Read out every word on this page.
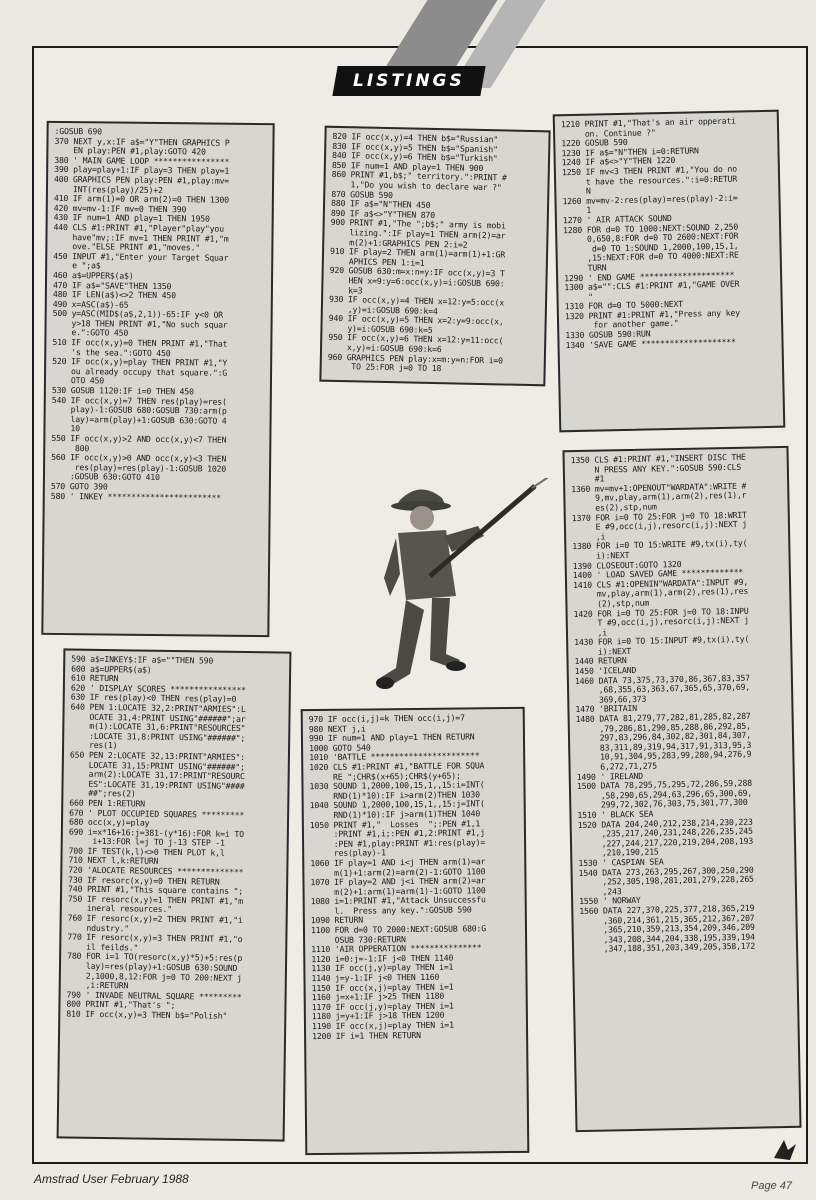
LISTINGS
:GOSUB 690
370 NEXT y,x:IF a$="Y"THEN GRAPHICS P
EN play:PEN #1,play:GOTO 420
380 ' MAIN GAME LOOP ****************
390 play=play+1:IF play=3 THEN play=1
400 GRAPHICS PEN play:PEN #1,play:mv=
INT(res(play)/25)+2
410 IF arm(1)=0 OR arm(2)=0 THEN 1300
420 mv=mv-1:IF mv=0 THEN 390
430 IF num=1 AND play=1 THEN 1950
440 CLS #1:PRINT #1,"Player"play"you
have"mv;:IF mv=1 THEN PRINT #1,"m
ove."ELSE PRINT #1,"moves."
450 INPUT #1,"Enter your Target Squar
e ";a$
460 a$=UPPER$(a$)
470 IF a$="SAVE"THEN 1350
480 IF LEN(a$)<>2 THEN 450
490 x=ASC(a$)-65
500 y=ASC(MID$(a$,2,1))-65:IF y<0 OR
y>18 THEN PRINT #1,"No such squar
e.":GOTO 450
510 IF occ(x,y)=0 THEN PRINT #1,"That
's the sea.":GOTO 450
520 IF occ(x,y)=play THEN PRINT #1,"Y
ou already occupy that square.":G
OTO 450
530 GOSUB 1120:IF i=0 THEN 450
540 IF occ(x,y)=7 THEN res(play)=res(
play)-1:GOSUB 680:GOSUB 730:arm(p
lay)=arm(play)+1:GOSUB 630:GOTO 4
10
550 IF occ(x,y)>2 AND occ(x,y)<7 THEN
800
560 IF occ(x,y)>0 AND occ(x,y)<3 THEN
res(play)=res(play)-1:GOSUB 1020
:GOSUB 630:GOTO 410
570 GOTO 390
580 ' INKEY ************************
590 a$=INKEY$:IF a$=""THEN 590
600 a$=UPPER$(a$)
610 RETURN
620 ' DISPLAY SCORES ****************
630 IF res(play)<0 THEN res(play)=0
640 PEN 1:LOCATE 32,2:PRINT"ARMIES":L
OCATE 31,4:PRINT USING"######";ar
m(1):LOCATE 31,6:PRINT"RESOURCES"
:LOCATE 31,8:PRINT USING"######";
res(1)
650 PEN 2:LOCATE 32,13:PRINT"ARMIES":
LOCATE 31,15:PRINT USING"######";
arm(2):LOCATE 31,17:PRINT"RESOURC
ES":LOCATE 31,19:PRINT USING"####
##";res(2)
660 PEN 1:RETURN
670 ' PLOT OCCUPIED SQUARES *********
680 occ(x,y)=play
690 i=x*16+16:j=381-(y*16):FOR k=i TO
i+13:FOR l=j TO j-13 STEP -1
700 IF TEST(k,l)<>0 THEN PLOT k,l
710 NEXT l,k:RETURN
720 'ALOCATE RESOURCES **************
730 IF resorc(x,y)=0 THEN RETURN
740 PRINT #1,"This square contains ";
750 IF resorc(x,y)=1 THEN PRINT #1,"m
ineral resources."
760 IF resorc(x,y)=2 THEN PRINT #1,"i
ndustry."
770 IF resorc(x,y)=3 THEN PRINT #1,"o
il feilds."
780 FOR i=1 TO(resorc(x,y)*5)+5:res(p
lay)=res(play)+1:GOSUB 630:SOUND
2,1000,8,12:FOR j=0 TO 200:NEXT j
,i:RETURN
790 ' INVADE NEUTRAL SQUARE *********
800 PRINT #1,"That's ";
810 IF occ(x,y)=3 THEN b$="Polish"
820 IF occ(x,y)=4 THEN b$="Russian"
830 IF occ(x,y)=5 THEN b$="Spanish"
840 IF occ(x,y)=6 THEN b$="Turkish"
850 IF num=1 AND play=1 THEN 900
860 PRINT #1,b$;" territory.":PRINT #
1,"Do you wish to declare war ?"
870 GOSUB 590
880 IF a$="N"THEN 450
890 IF a$<>"Y"THEN 870
900 PRINT #1,"The ";b$;" army is mobi
lizing.":IF play=1 THEN arm(2)=ar
m(2)+1:GRAPHICS PEN 2:i=2
910 IF play=2 THEN arm(1)=arm(1)+1:GR
APHICS PEN 1:i=1
920 GOSUB 630:m=x:n=y:IF occ(x,y)=3 T
HEN x=9:y=6:occ(x,y)=i:GOSUB 690:
k=3
930 IF occ(x,y)=4 THEN x=12:y=5:occ(x
,y)=i:GOSUB 690:k=4
940 IF occ(x,y)=5 THEN x=2:y=9:occ(x,
y)=i:GOSUB 690:k=5
950 IF occ(x,y)=6 THEN x=12:y=11:occ(
x,y)=i:GOSUB 690:k=6
960 GRAPHICS PEN play:x=m:y=n:FOR i=0
TO 25:FOR j=0 TO 18
970 IF occ(i,j)=k THEN occ(i,j)=7
980 NEXT j,i
990 IF num=1 AND play=1 THEN RETURN
1000 GOTO 540
1010 'BATTLE ***********************
1020 CLS #1:PRINT #1,"BATTLE FOR SQUA
RE ";CHR$(x+65);CHR$(y+65);
1030 SOUND 1,2000,100,15,1,,15:i=INT(
RND(1)*10):IF i>arm(2)THEN 1030
1040 SOUND 1,2000,100,15,1,,15:j=INT(
RND(1)*10):IF j>arm(1)THEN 1040
1050 PRINT #1,"  Losses  ";:PEN #1,1
:PRINT #1,i;:PEN #1,2:PRINT #1,j
:PEN #1,play:PRINT #1:res(play)=
res(play)-1
1060 IF play=1 AND i<j THEN arm(1)=ar
m(1)+1:arm(2)=arm(2)-1:GOTO 1100
1070 IF play=2 AND j<i THEN arm(2)=ar
m(2)+1:arm(1)=arm(1)-1:GOTO 1100
1080 i=1:PRINT #1,"Attack Unsuccessfu
l.  Press any key.":GOSUB 590
1090 RETURN
1100 FOR d=0 TO 2000:NEXT:GOSUB 680:G
OSUB 730:RETURN
1110 'AIR OPPERATION ***************
1120 i=0:j=-1:IF j<0 THEN 1140
1130 IF occ(j,y)=play THEN i=1
1140 j=y-1:IF j<0 THEN 1160
1150 IF occ(x,j)=play THEN i=1
1160 j=x+1:IF j>25 THEN 1180
1170 IF occ(j,y)=play THEN i=1
1180 j=y+1:IF j>18 THEN 1200
1190 IF occ(x,j)=play THEN i=1
1200 IF i=1 THEN RETURN
1210 PRINT #1,"That's an air opperati
on. Continue ?"
1220 GOSUB 590
1230 IF a$="N"THEN i=0:RETURN
1240 IF a$<>"Y"THEN 1220
1250 IF mv<3 THEN PRINT #1,"You do no
t have the resources.":i=0:RETUR
N
1260 mv=mv-2:res(play)=res(play)-2:i=
1
1270 ' AIR ATTACK SOUND
1280 FOR d=0 TO 1000:NEXT:SOUND 2,250
0,650,8:FOR d=0 TO 2600:NEXT:FOR
d=0 TO 1:SOUND 1,2000,100,15,1,
,15:NEXT:FOR d=0 TO 4000:NEXT:RE
TURN
1290 ' END GAME ********************
1300 a$="":CLS #1:PRINT #1,"GAME OVER
"
1310 FOR d=0 TO 5000:NEXT
1320 PRINT #1:PRINT #1,"Press any key
for another game."
1330 GOSUB 590:RUN
1340 'SAVE GAME ********************
1350 CLS #1:PRINT #1,"INSERT DISC THE
N PRESS ANY KEY.":GOSUB 590:CLS
#1
1360 mv=mv+1:OPENOUT"WARDATA":WRITE #
9,mv,play,arm(1),arm(2),res(1),r
es(2),stp,num
1370 FOR i=0 TO 25:FOR j=0 TO 18:WRIT
E #9,occ(i,j),resorc(i,j):NEXT j
,i
1380 FOR i=0 TO 15:WRITE #9,tx(i),ty(
i):NEXT
1390 CLOSEOUT:GOTO 1320
1400 ' LOAD SAVED GAME *************
1410 CLS #1:OPENIN"WARDATA":INPUT #9,
mv,play,arm(1),arm(2),res(1),res
(2),stp,num
1420 FOR i=0 TO 25:FOR j=0 TO 18:INPU
T #9,occ(i,j),resorc(i,j):NEXT j
,i
1430 FOR i=0 TO 15:INPUT #9,tx(i),ty(
i):NEXT
1440 RETURN
1450 'ICELAND
1460 DATA 73,375,73,370,86,367,83,357
,68,355,63,363,67,365,65,370,69,
369,66,373
1470 'BRITAIN
1480 DATA 81,279,77,282,81,285,82,287
,79,286,81,290,85,288,86,292,85,
297,83,296,84,302,82,301,84,307,
83,311,89,319,94,317,91,313,95,3
10,91,304,95,283,99,280,94,276,9
6,272,71,275
1490 ' IRELAND
1500 DATA 78,295,75,295,72,286,59,288
,58,290,65,294,63,296,65,300,69,
299,72,302,76,303,75,301,77,300
1510 ' BLACK SEA
1520 DATA 204,240,212,238,214,230,223
,235,217,240,231,248,226,235,245
,227,244,217,220,219,204,208,193
,210,190,215
1530 ' CASPIAN SEA
1540 DATA 273,263,295,267,300,250,290
,252,305,198,281,201,279,228,265
,243
1550 ' NORWAY
1560 DATA 227,370,225,377,218,365,219
,360,214,361,215,365,212,367,207
,365,210,359,213,354,209,346,209
,343,208,344,204,338,195,339,194
,347,188,351,203,349,205,358,172
Amstrad User February 1988	Page 47
